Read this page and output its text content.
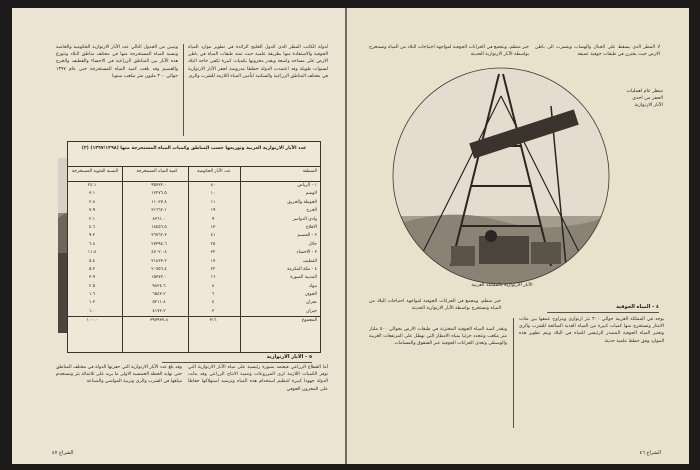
لدولة الكانت المطر الذي الدول الخليج الرائدة في تطوير موارد المياه الجوفية والاستفادة منها بطريقة علمية حيث تمتد طبقات المياه في باطن الارض على مساحة واسعة ويقدر مخزونها بكميات كبيرة تكفي حاجة البلاد لسنوات طويلة وقد اعتمدت الدولة خططا مدروسة لحفر الآبار الارتوازية في مختلف المناطق الزراعية والسكنية لتأمين المياه اللازمة للشرب والري
ويتبين من الجدول التالي عدد الآبار الارتوازية الحكومية والخاصة ونسبة المياه المستخرجة منها في مختلف مناطق البلاد وتتوزع هذه الآبار بين المناطق الزراعية في الاحساء والقطيف والخرج والقصيم وقد بلغت كمية المياه المستخرجة حتى عام ١٣٩٧ حوالي ٣٠٠ مليون متر مكعب سنويا
عدد الآبار الارتوازية العربية وتوزيعها حسب المناطق وكميات المياه المستخرجة منها (١٣٩٧/١٣٩٨) (٢)
المنطقة
عدد الآبار الحكومية
كمية المياه المستخرجة
النسبة المئوية المستخرجة
١ - الرياض
٨٠
٩٥٧٣٢.٠
٢٤.١
الوشم
١٠
١٢٢٧٦.٥
٣.١
الحوطة والحريق
١١
١١٠٣٧.٨
٢.٨
الخرج
١٩
٣١٦٦٢.١
٧.٩
وادي الدواسر
٩
٨٣٦١.٠
٢.١
الافلاج
١٣
١٨٤٥٦.٥
٤.٦
٢ - القصيم
٤١
٣٦٧٦٢.٣
٩.٢
حائل
٢٥
٢٧٢٩٤.٦
٦.٨
٣ - الاحساء
٣٢
٤٧٠٢٠.٨
١١.٨
القطيف
١٧
٢١٤٣٣.٢
٥.٤
٤ - مكة المكرمة
٢٢
٢٠٧٥٦.٤
٥.٢
المدينة المنورة
١٦
١٥٣٧٢.٠
٣.٩
تبوك
٨
٩٨٢٤.٦
٢.٥
الجوف
٦
٦٥٤٣.٢
١.٦
نجران
٤
٥٢١١.٨
١.٣
جيزان
٣
٤١٧٣.٢
١.٠
المجموع
٣١٦
٣٩٧٩٣٧.٨
١٠٠.٠
٥ - الآبار الارتوازية
أما القطاع الزراعي فيعتمد بصورة رئيسية على مياه الآبار الارتوازية التي توفر الكميات اللازمة لري المزروعات وتنمية الانتاج الزراعي وقد بذلت الدولة جهودا كبيرة لتنظيم استخدام هذه المياه وترشيد استهلاكها حفاظا على المخزون الجوفي
وقد بلغ عدد الآبار الارتوازية التي حفرتها الدولة في مختلف المناطق حتى نهاية الخطة الخمسية الاولى ما يزيد على ثلاثمائة بئر وتستخدم مياهها في الشرب والري وتربية المواشي والصناعة
الشراع ٤٧
لا المطر الذي يسقط على الجبال والهضاب ويتسرب الى باطن الارض حيث يختزن في طبقات جوفية عميقة
خير منظم، ويتجمع في الخزانات الجوفية لمواجهة احتياجات البلاد من المياه وتستخرج بواسطة الآبار الارتوازية الحديثة
منظر عام لعمليات الحفر من احدى الآبار الارتوازية
الآبار الارتوازية بالمملكة العربية
خير منظم، ويتجمع في الخزانات الجوفية لمواجهة احتياجات البلاد من المياه وتستخرج بواسطة الآبار الارتوازية الحديثة	٤ - المياه الجوفية
يوجد في المملكة العربية حوالي ٣٠٠ بئر ارتوازي ويتراوح عمقها بين مئات الامتار وتستخرج منها كميات كبيرة من المياه العذبة الصالحة للشرب والري وتعتبر المياه الجوفية المصدر الرئيسي للمياه في البلاد ويتم تطوير هذه الموارد وفق خطط علمية حديثة
وتقدر كمية المياه الجوفية المختزنة في طبقات الارض بحوالي ٥٠٠ مليار متر مكعب وتتجدد جزئيا بمياه الامطار التي تهطل على المرتفعات الغربية والوسطى وتغذي الخزانات الجوفية عبر الشقوق والمسامات
الشراع ٤٦
